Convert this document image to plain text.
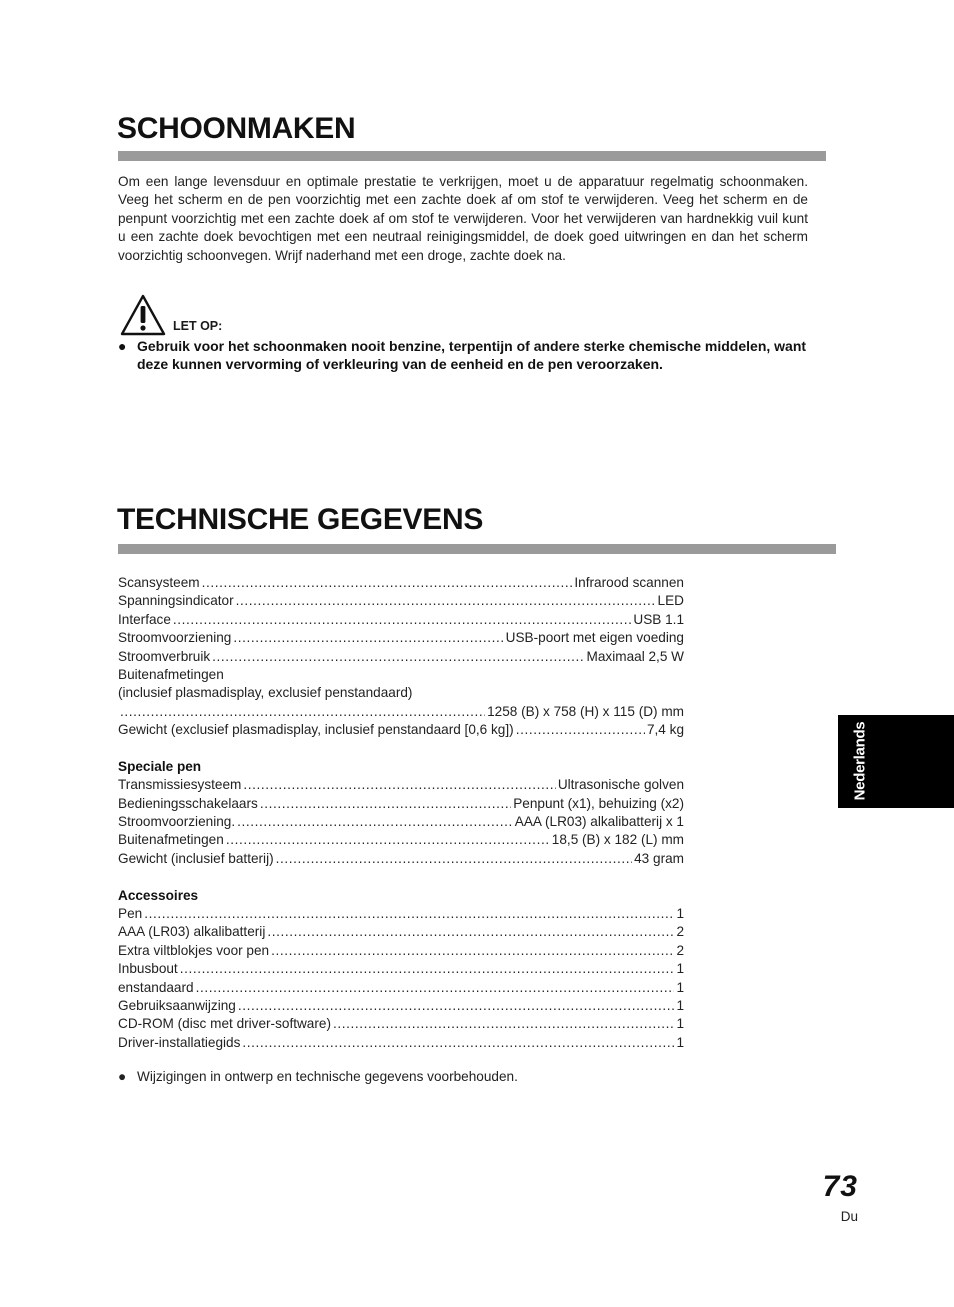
SCHOONMAKEN

Om een lange levensduur en optimale prestatie te verkrijgen, moet u de apparatuur regelmatig schoonmaken. Veeg het scherm en de pen voorzichtig met een zachte doek af om stof te verwijderen. Veeg het scherm en de penpunt voorzichtig met een zachte doek af om stof te verwijderen. Voor het verwijderen van hardnekkig vuil kunt u een zachte doek bevochtigen met een neutraal reinigingsmiddel, de doek goed uitwringen en dan het scherm voorzichtig schoonvegen. Wrijf naderhand met een droge, zachte doek na.

LET OP:
● Gebruik voor het schoonmaken nooit benzine, terpentijn of andere sterke chemische middelen, want deze kunnen vervorming of verkleuring van de eenheid en de pen veroorzaken.
TECHNISCHE GEGEVENS
Scansysteem .....	Infrarood scannen
Spanningsindicator .....	LED
Interface .....	USB 1.1
Stroomvoorziening .....	USB-poort met eigen voeding
Stroomverbruik .....	Maximaal 2,5 W
Buitenafmetingen
(inclusief plasmadisplay, exclusief penstandaard)
.....
1258 (B) x 758 (H) x 115 (D) mm
Gewicht (exclusief plasmadisplay, inclusief penstandaard [0,6 kg]) .....	7,4 kg
Speciale pen
Transmissiesysteem .....	Ultrasonische golven
Bedieningsschakelaars .....	Penpunt (x1), behuizing (x2)
Stroomvoorziening. .....	AAA (LR03) alkalibatterij x 1
Buitenafmetingen .....	18,5 (B) x 182 (L) mm
Gewicht (inclusief batterij) .....	43 gram
Accessoires
Pen .....	1
AAA (LR03) alkalibatterij .....	2
Extra viltblokjes voor pen .....	2
Inbusbout .....	1
enstandaard .....	1
Gebruiksaanwijzing .....	1
CD-ROM (disc met driver-software) .....	1
Driver-installatiegids .....	1
● Wijzigingen in ontwerp en technische gegevens voorbehouden.
Nederlands
73
Du
